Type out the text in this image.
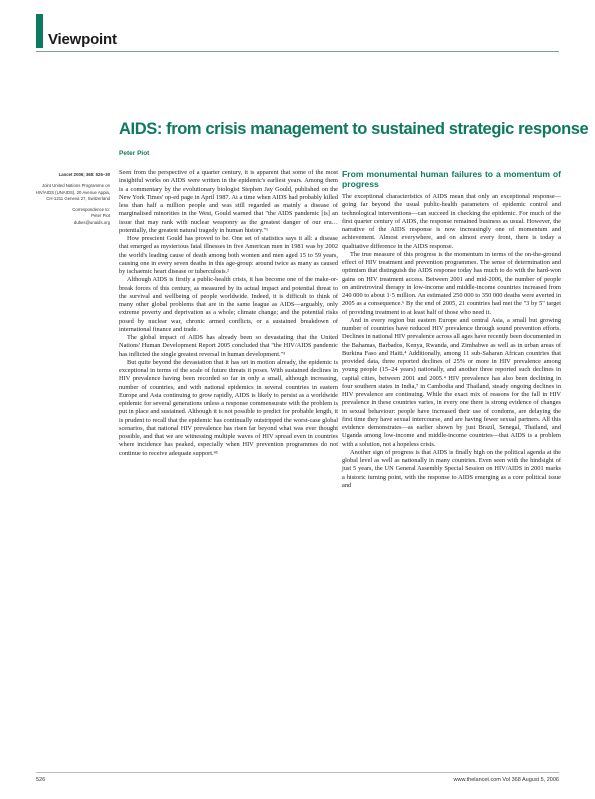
Viewpoint
AIDS: from crisis management to sustained strategic response
Peter Piot
Lancet 2006; 368: 526–30
Joint United Nations Programme on HIV/AIDS (UNAIDS), 20 Avenue Appia, CH-1211 Geneva 27, Switzerland
Correspondence to:
Peter Piot
dubes@unaids.org

Seen from the perspective of a quarter century, it is apparent that some of the most insightful works on AIDS were written in the epidemic's earliest years. Among them is a commentary by the evolutionary biologist Stephen Jay Gould, published on the New York Times' op-ed page in April 1987. At a time when AIDS had probably killed less than half a million people and was still regarded as mainly a disease of marginalised minorities in the West, Gould warned that "the AIDS pandemic [is] an issue that may rank with nuclear weaponry as the greatest danger of our era… potentially, the greatest natural tragedy in human history."¹

How prescient Gould has proved to be. One set of statistics says it all: a disease that emerged as mysterious fatal illnesses in five American men in 1981 was by 2002 the world's leading cause of death among both women and men aged 15 to 59 years, causing one in every seven deaths in this age-group: around twice as many as caused by ischaemic heart disease or tuberculosis.²

Although AIDS is firstly a public-health crisis, it has become one of the make-or-break forces of this century, as measured by its actual impact and potential threat to the survival and wellbeing of people worldwide. Indeed, it is difficult to think of many other global problems that are in the same league as AIDS—arguably, only extreme poverty and deprivation as a whole; climate change; and the potential risks posed by nuclear war, chronic armed conflicts, or a sustained breakdown of international finance and trade.

The global impact of AIDS has already been so devastating that the United Nations' Human Development Report 2005 concluded that "the HIV/AIDS pandemic has inflicted the single greatest reversal in human development."³

But quite beyond the devastation that it has set in motion already, the epidemic is exceptional in terms of the scale of future threats it poses. With sustained declines in HIV prevalence having been recorded so far in only a small, although increasing, number of countries, and with national epidemics in several countries in eastern Europe and Asia continuing to grow rapidly, AIDS is likely to persist as a worldwide epidemic for several generations unless a response commensurate with the problem is put in place and sustained. Although it is not possible to predict for probable length, it is prudent to recall that the epidemic has continually outstripped the worst-case global scenarios, that national HIV prevalence has risen far beyond what was ever thought possible, and that we are witnessing multiple waves of HIV spread even in countries where incidence has peaked, especially when HIV prevention programmes do not continue to receive adequate support.⁴⁵

From monumental human failures to a momentum of progress

The exceptional characteristics of AIDS mean that only an exceptional response—going far beyond the usual public-health parameters of epidemic control and technological interventions—can succeed in checking the epidemic. For much of the first quarter century of AIDS, the response remained business as usual. However, the narrative of the AIDS response is now increasingly one of momentum and achievement. Almost everywhere, and on almost every front, there is today a qualitative difference in the AIDS response.

The true measure of this progress is the momentum in terms of the on-the-ground effect of HIV treatment and prevention programmes. The sense of determination and optimism that distinguish the AIDS response today has much to do with the hard-won gains on HIV treatment access. Between 2001 and mid-2006, the number of people on antiretroviral therapy in low-income and middle-income countries increased from 240 000 to about 1·5 million. An estimated 250 000 to 350 000 deaths were averted in 2005 as a consequence.⁶ By the end of 2005, 21 countries had met the "3 by 5" target of providing treatment to at least half of those who need it.

And in every region but eastern Europe and central Asia, a small but growing number of countries have reduced HIV prevalence through sound prevention efforts. Declines in national HIV prevalence across all ages have recently been documented in the Bahamas, Barbados, Kenya, Rwanda, and Zimbabwe as well as in urban areas of Burkina Faso and Haiti.⁴ Additionally, among 11 sub-Saharan African countries that provided data, three reported declines of 25% or more in HIV prevalence among young people (15–24 years) nationally, and another three reported such declines in capital cities, between 2001 and 2005.⁴ HIV prevalence has also been declining in four southern states in India,⁷ in Cambodia and Thailand, steady ongoing declines in HIV prevalence are continuing. While the exact mix of reasons for the fall in HIV prevalence in these countries varies, in every one there is strong evidence of changes in sexual behaviour: people have increased their use of condoms, are delaying the first time they have sexual intercourse, and are having fewer sexual partners. All this evidence demonstrates—as earlier shown by just Brazil, Senegal, Thailand, and Uganda among low-income and middle-income countries—that AIDS is a problem with a solution, not a hopeless crisis.

Another sign of progress is that AIDS is finally high on the political agenda at the global level as well as nationally in many countries. Even seen with the hindsight of just 5 years, the UN General Assembly Special Session on HIV/AIDS in 2001 marks a historic turning point, with the response to AIDS emerging as a core political issue and

526	www.thelancet.com Vol 368 August 5, 2006
